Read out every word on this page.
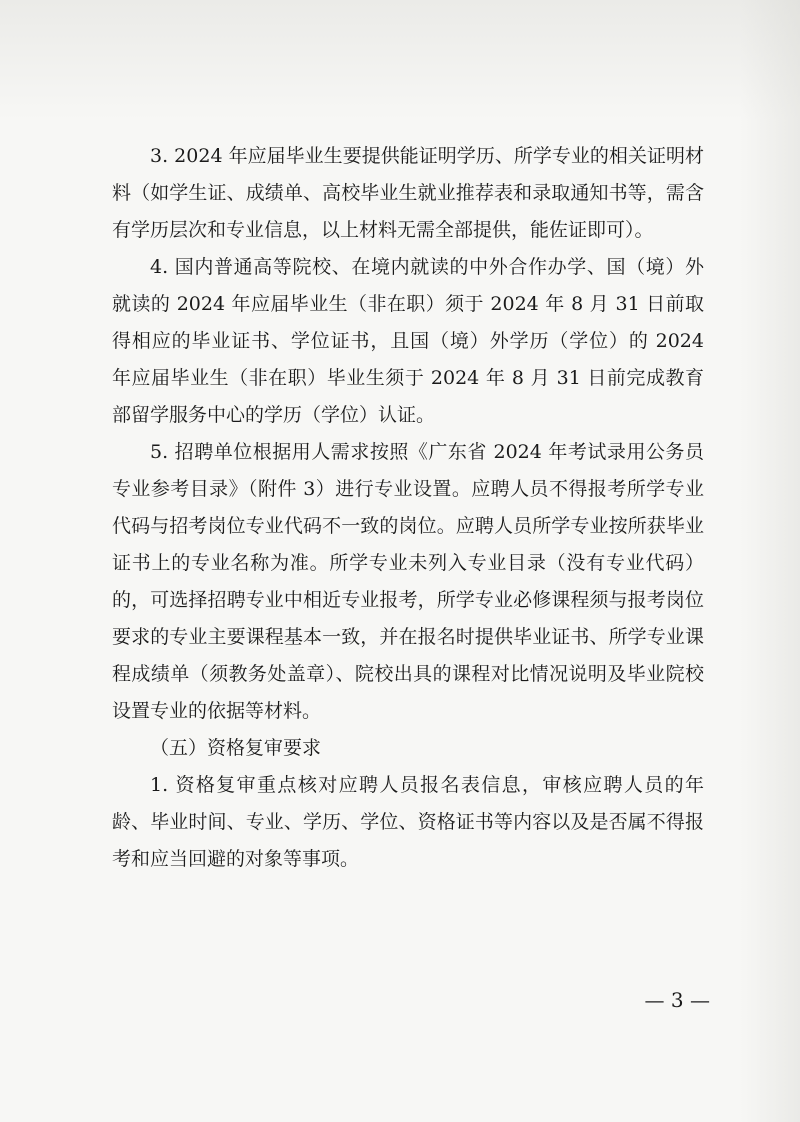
3. 2024 年应届毕业生要提供能证明学历、所学专业的相关证明材料（如学生证、成绩单、高校毕业生就业推荐表和录取通知书等，需含有学历层次和专业信息，以上材料无需全部提供，能佐证即可）。

4. 国内普通高等院校、在境内就读的中外合作办学、国（境）外就读的 2024 年应届毕业生（非在职）须于 2024 年 8 月 31 日前取得相应的毕业证书、学位证书，且国（境）外学历（学位）的 2024 年应届毕业生（非在职）毕业生须于 2024 年 8 月 31 日前完成教育部留学服务中心的学历（学位）认证。

5. 招聘单位根据用人需求按照《广东省 2024 年考试录用公务员专业参考目录》（附件 3）进行专业设置。应聘人员不得报考所学专业代码与招考岗位专业代码不一致的岗位。应聘人员所学专业按所获毕业证书上的专业名称为准。所学专业未列入专业目录（没有专业代码）的，可选择招聘专业中相近专业报考，所学专业必修课程须与报考岗位要求的专业主要课程基本一致，并在报名时提供毕业证书、所学专业课程成绩单（须教务处盖章）、院校出具的课程对比情况说明及毕业院校设置专业的依据等材料。

（五）资格复审要求

1. 资格复审重点核对应聘人员报名表信息，审核应聘人员的年龄、毕业时间、专业、学历、学位、资格证书等内容以及是否属不得报考和应当回避的对象等事项。

— 3 —
